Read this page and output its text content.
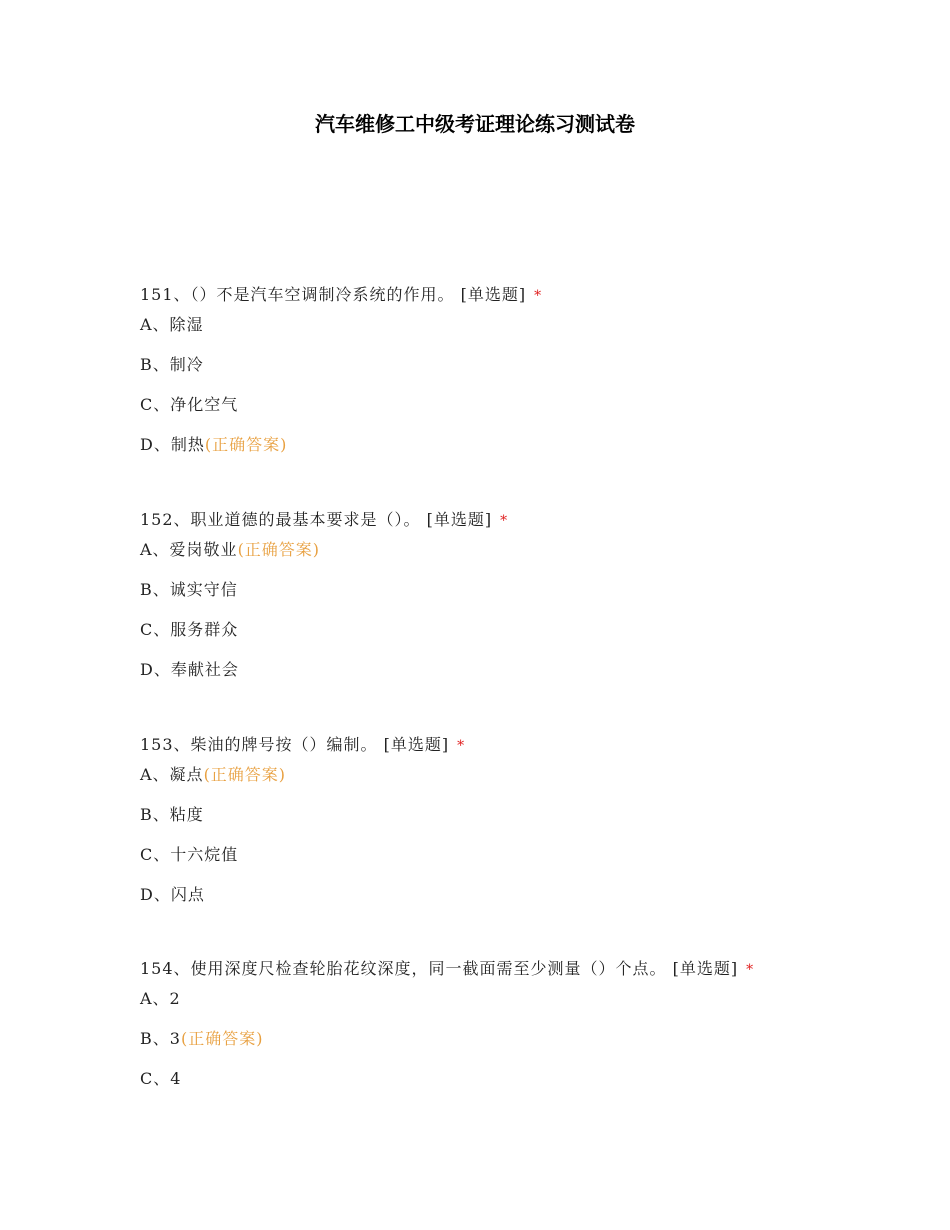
汽车维修工中级考证理论练习测试卷
151、（）不是汽车空调制冷系统的作用。 [单选题] *
A、除湿
B、制冷
C、净化空气
D、制热(正确答案)
152、职业道德的最基本要求是（）。 [单选题] *
A、爱岗敬业(正确答案)
B、诚实守信
C、服务群众
D、奉献社会
153、柴油的牌号按（）编制。 [单选题] *
A、凝点(正确答案)
B、粘度
C、十六烷值
D、闪点
154、使用深度尺检查轮胎花纹深度，同一截面需至少测量（）个点。 [单选题] *
A、2
B、3(正确答案)
C、4
